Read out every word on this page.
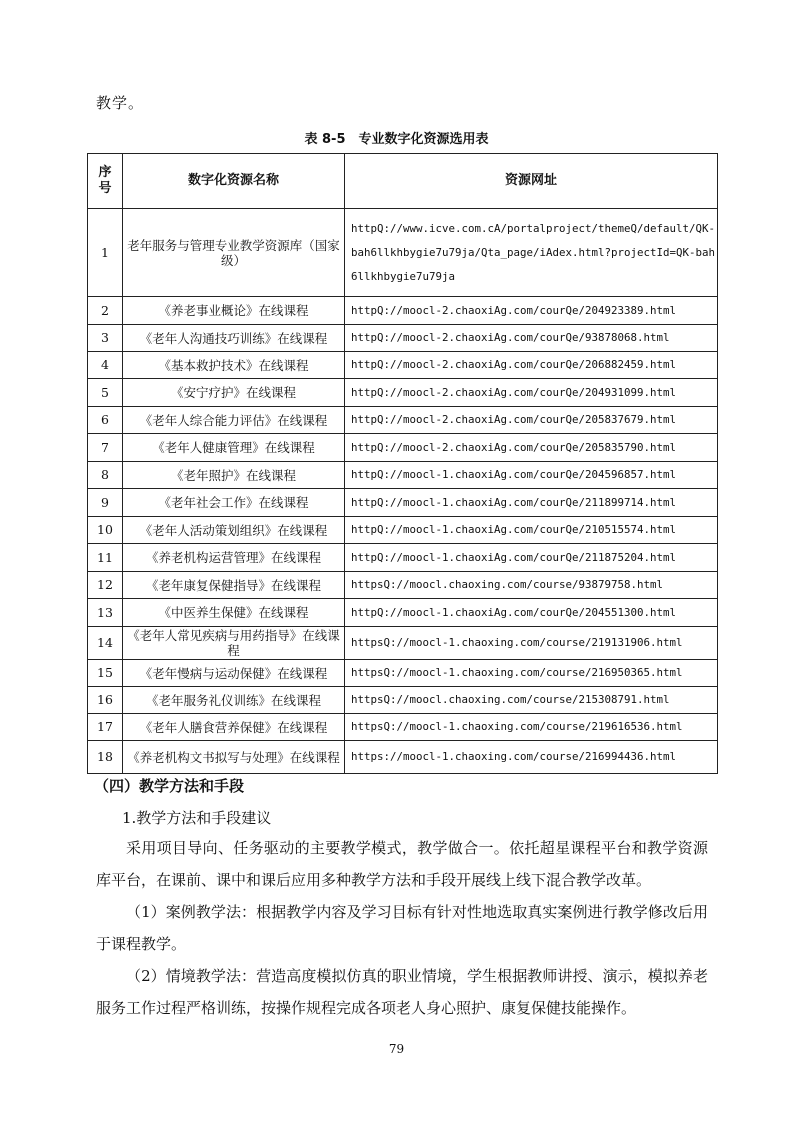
教学。
表 8-5　专业数字化资源选用表
序
号	数字化资源名称	资源网址
1	老年服务与管理专业教学资源库（国家级）	httpQ://www.icve.com.cA/portalproject/themeQ/default/QK-bah6llkhbygie7u79ja/Qta_page/iAdex.html?projectId=QK-bah6llkhbygie7u79ja
2	《养老事业概论》在线课程	httpQ://moocl-2.chaoxiAg.com/courQe/204923389.html
3	《老年人沟通技巧训练》在线课程	httpQ://moocl-2.chaoxiAg.com/courQe/93878068.html
4	《基本救护技术》在线课程	httpQ://moocl-2.chaoxiAg.com/courQe/206882459.html
5	《安宁疗护》在线课程	httpQ://moocl-2.chaoxiAg.com/courQe/204931099.html
6	《老年人综合能力评估》在线课程	httpQ://moocl-2.chaoxiAg.com/courQe/205837679.html
7	《老年人健康管理》在线课程	httpQ://moocl-2.chaoxiAg.com/courQe/205835790.html
8	《老年照护》在线课程	httpQ://moocl-1.chaoxiAg.com/courQe/204596857.html
9	《老年社会工作》在线课程	httpQ://moocl-1.chaoxiAg.com/courQe/211899714.html
10	《老年人活动策划组织》在线课程	httpQ://moocl-1.chaoxiAg.com/courQe/210515574.html
11	《养老机构运营管理》在线课程	httpQ://moocl-1.chaoxiAg.com/courQe/211875204.html
12	《老年康复保健指导》在线课程	httpsQ://moocl.chaoxing.com/course/93879758.html
13	《中医养生保健》在线课程	httpQ://moocl-1.chaoxiAg.com/courQe/204551300.html
14	《老年人常见疾病与用药指导》在线课程	httpsQ://moocl-1.chaoxing.com/course/219131906.html
15	《老年慢病与运动保健》在线课程	httpsQ://moocl-1.chaoxing.com/course/216950365.html
16	《老年服务礼仪训练》在线课程	httpsQ://moocl.chaoxing.com/course/215308791.html
17	《老年人膳食营养保健》在线课程	httpsQ://moocl-1.chaoxing.com/course/219616536.html
18	《养老机构文书拟写与处理》在线课程	https://moocl-1.chaoxing.com/course/216994436.html
（四）教学方法和手段
1.教学方法和手段建议

采用项目导向、任务驱动的主要教学模式，教学做合一。依托超星课程平台和教学资源库平台，在课前、课中和课后应用多种教学方法和手段开展线上线下混合教学改革。

（1）案例教学法：根据教学内容及学习目标有针对性地选取真实案例进行教学修改后用于课程教学。

（2）情境教学法：营造高度模拟仿真的职业情境，学生根据教师讲授、演示，模拟养老服务工作过程严格训练，按操作规程完成各项老人身心照护、康复保健技能操作。

79
